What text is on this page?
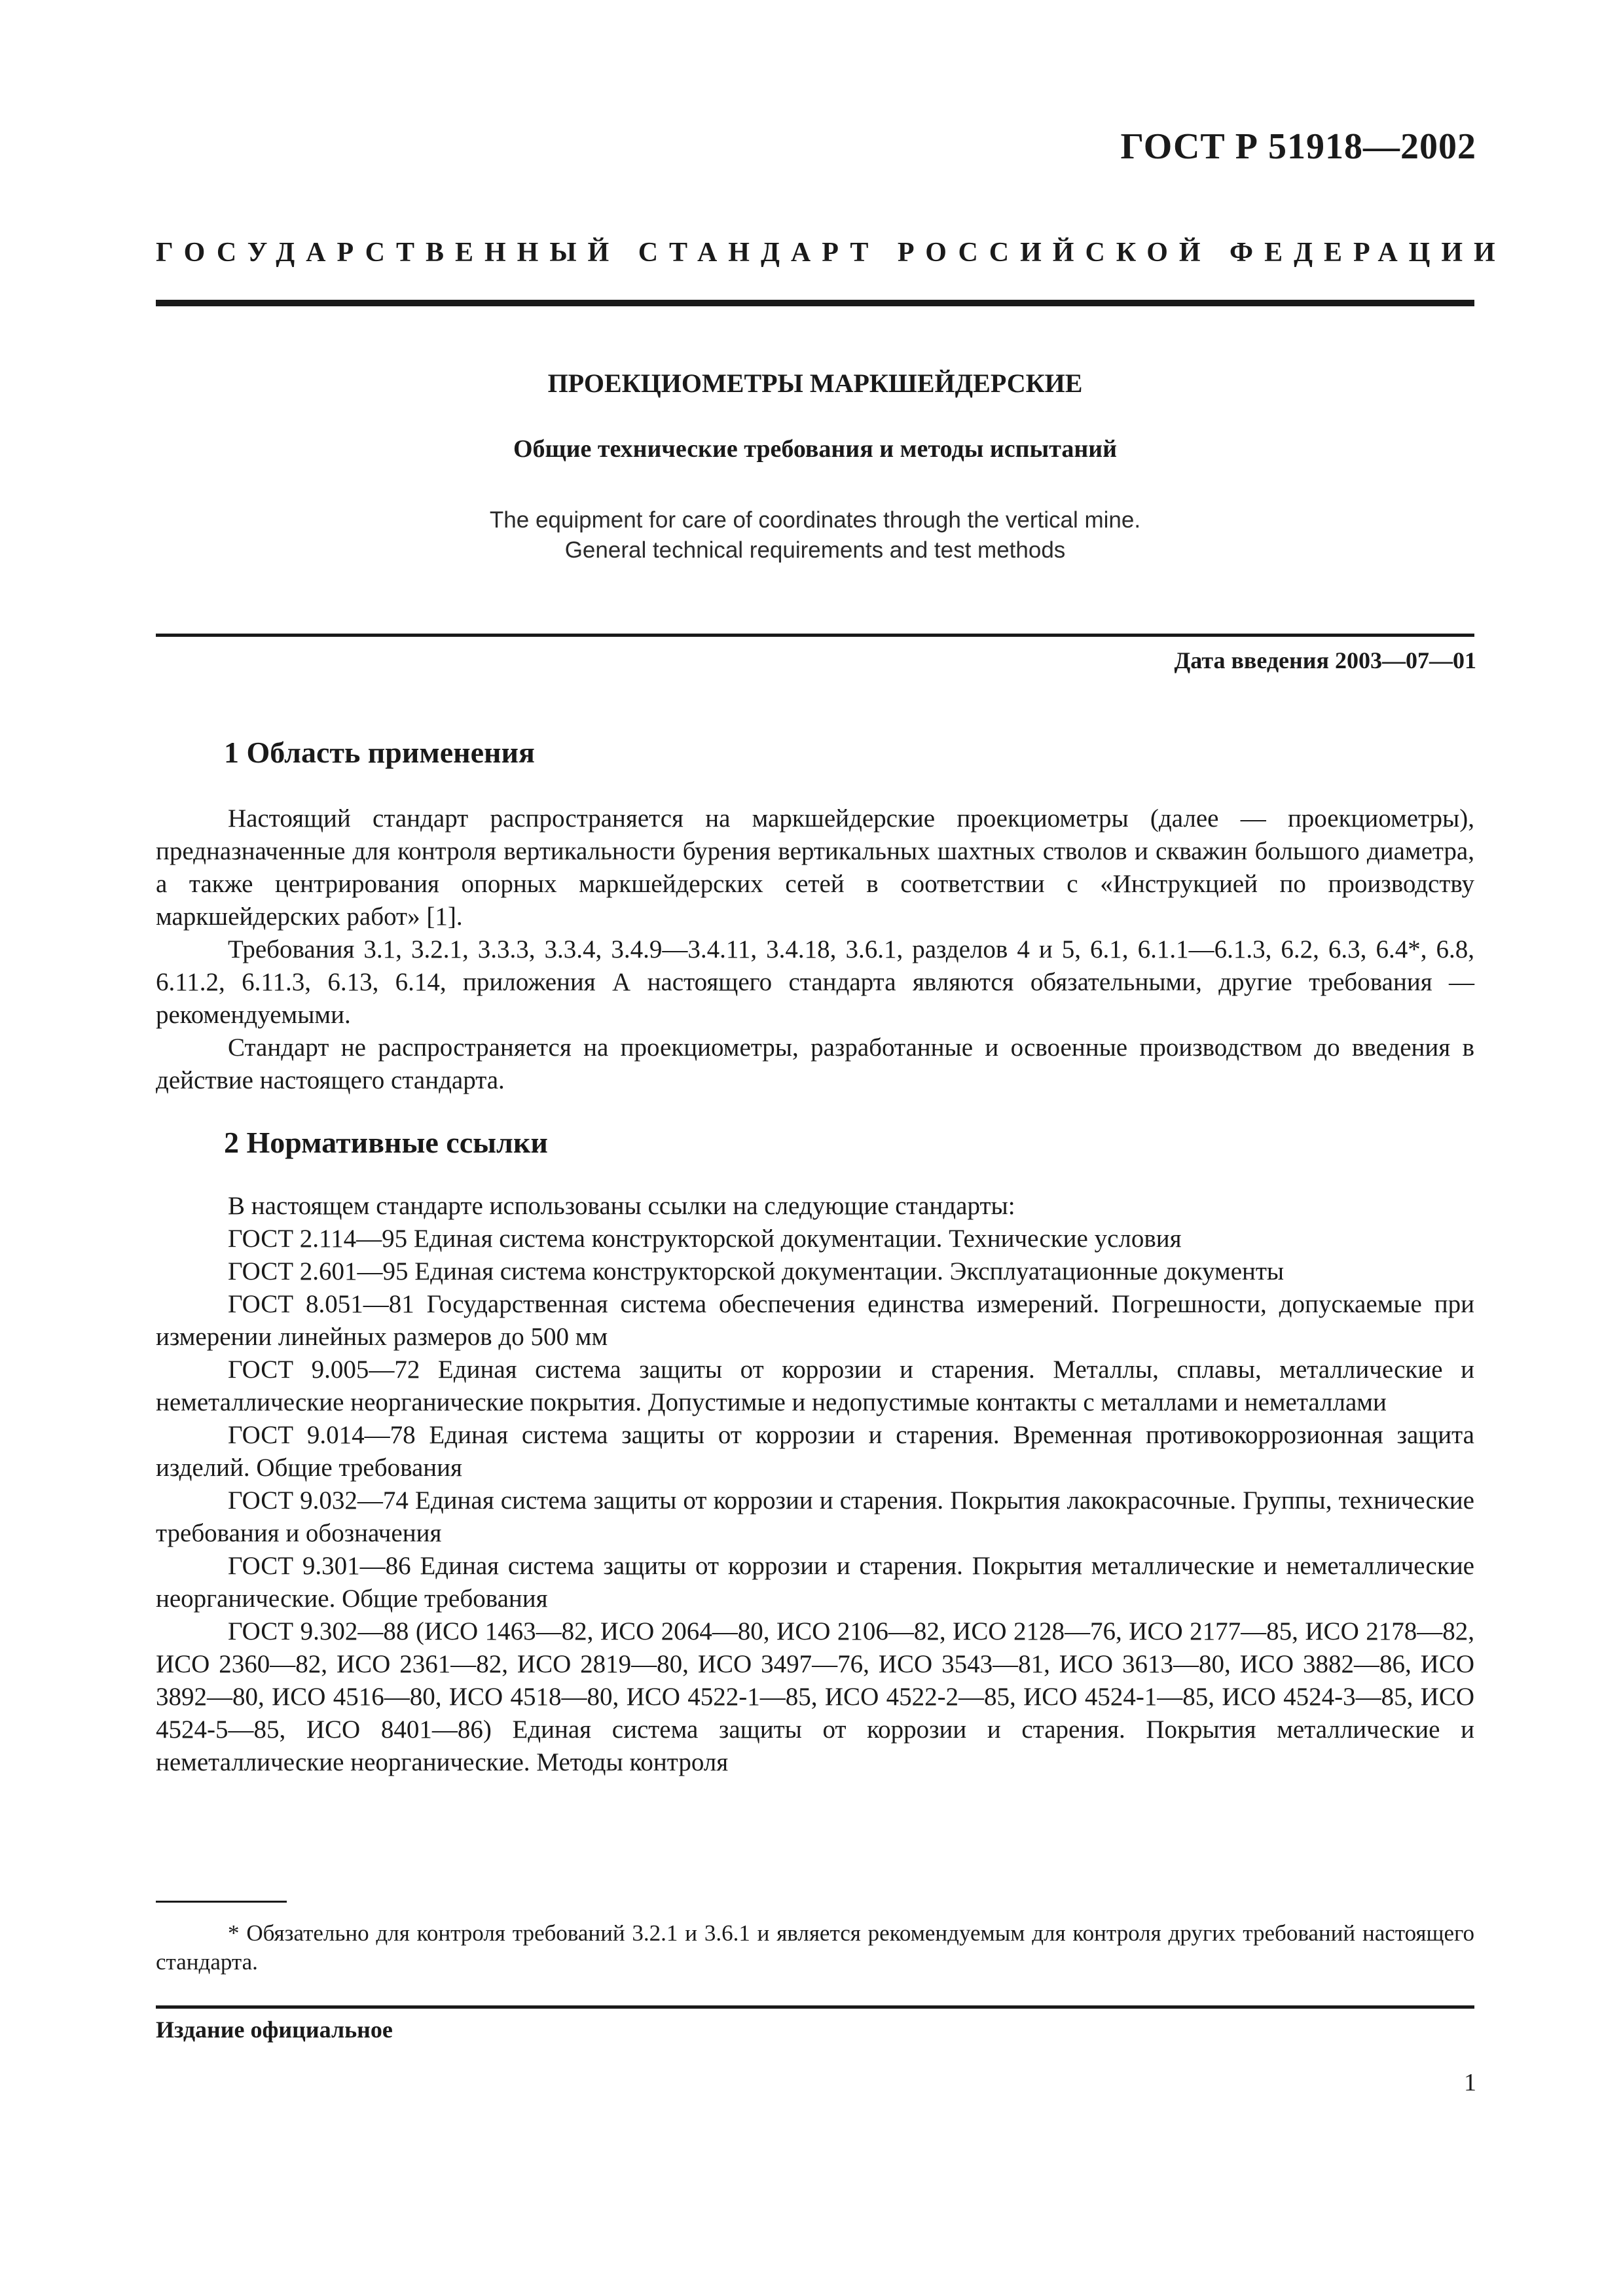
ГОСТ Р 51918—2002
ГОСУДАРСТВЕННЫЙ СТАНДАРТ РОССИЙСКОЙ ФЕДЕРАЦИИ
ПРОЕКЦИОМЕТРЫ МАРКШЕЙДЕРСКИЕ
Общие технические требования и методы испытаний
The equipment for care of coordinates through the vertical mine.
General technical requirements and test methods
Дата введения 2003—07—01
1 Область применения

Настоящий стандарт распространяется на маркшейдерские проекциометры (далее — проекциометры), предназначенные для контроля вертикальности бурения вертикальных шахтных стволов и скважин большого диаметра, а также центрирования опорных маркшейдерских сетей в соответствии с «Инструкцией по производству маркшейдерских работ» [1].

Требования 3.1, 3.2.1, 3.3.3, 3.3.4, 3.4.9—3.4.11, 3.4.18, 3.6.1, разделов 4 и 5, 6.1, 6.1.1—6.1.3, 6.2, 6.3, 6.4*, 6.8, 6.11.2, 6.11.3, 6.13, 6.14, приложения А настоящего стандарта являются обязательными, другие требования — рекомендуемыми.

Стандарт не распространяется на проекциометры, разработанные и освоенные производством до введения в действие настоящего стандарта.

2 Нормативные ссылки

В настоящем стандарте использованы ссылки на следующие стандарты:

ГОСТ 2.114—95 Единая система конструкторской документации. Технические условия

ГОСТ 2.601—95 Единая система конструкторской документации. Эксплуатационные документы

ГОСТ 8.051—81 Государственная система обеспечения единства измерений. Погрешности, допускаемые при измерении линейных размеров до 500 мм

ГОСТ 9.005—72 Единая система защиты от коррозии и старения. Металлы, сплавы, металлические и неметаллические неорганические покрытия. Допустимые и недопустимые контакты с металлами и неметаллами

ГОСТ 9.014—78 Единая система защиты от коррозии и старения. Временная противокоррозионная защита изделий. Общие требования

ГОСТ 9.032—74 Единая система защиты от коррозии и старения. Покрытия лакокрасочные. Группы, технические требования и обозначения

ГОСТ 9.301—86 Единая система защиты от коррозии и старения. Покрытия металлические и неметаллические неорганические. Общие требования

ГОСТ 9.302—88 (ИСО 1463—82, ИСО 2064—80, ИСО 2106—82, ИСО 2128—76, ИСО 2177—85, ИСО 2178—82, ИСО 2360—82, ИСО 2361—82, ИСО 2819—80, ИСО 3497—76, ИСО 3543—81, ИСО 3613—80, ИСО 3882—86, ИСО 3892—80, ИСО 4516—80, ИСО 4518—80, ИСО 4522-1—85, ИСО 4522-2—85, ИСО 4524-1—85, ИСО 4524-3—85, ИСО 4524-5—85, ИСО 8401—86) Единая система защиты от коррозии и старения. Покрытия металлические и неметаллические неорганические. Методы контроля

* Обязательно для контроля требований 3.2.1 и 3.6.1 и является рекомендуемым для контроля других требований настоящего стандарта.
Издание официальное
1
